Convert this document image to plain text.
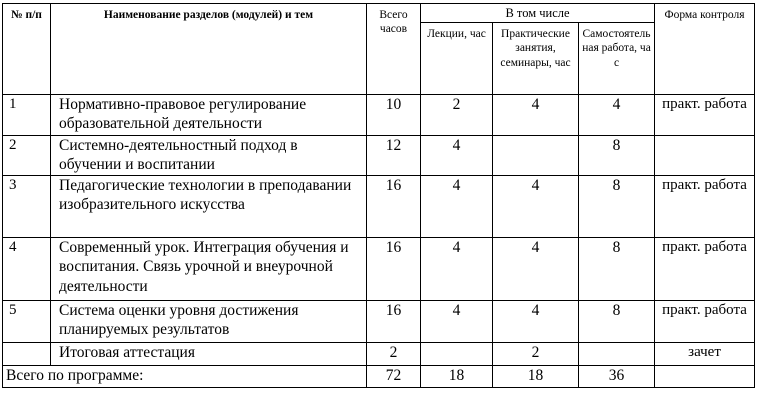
№ п/п	Наименование разделов (модулей) и тем	Всего часов	В том числе			Форма контроля
			Лекции, час	Практические занятия, семинары, час	Самостоятельная работа, час	
1	Нормативно-правовое регулирование образовательной деятельности	10	2	4	4	практ. работа
2	Системно-деятельностный подход в обучении и воспитании	12	4		8	
3	Педагогические технологии в преподавании изобразительного искусства	16	4	4	8	практ. работа
4	Современный урок. Интеграция обучения и воспитания. Связь урочной и внеурочной деятельности	16	4	4	8	практ. работа
5	Система оценки уровня достижения планируемых результатов	16	4	4	8	практ. работа
	Итоговая аттестация	2		2		зачет
Всего по программе:		72	18	18	36	
